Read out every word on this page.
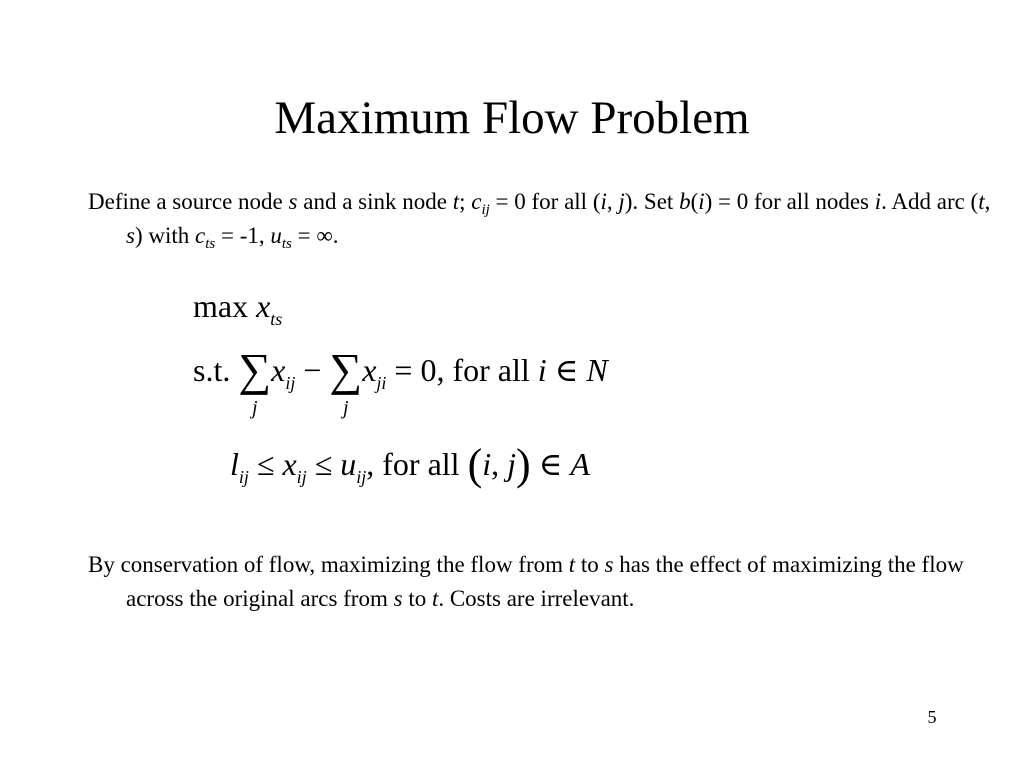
Maximum Flow Problem
Define a source node s and a sink node t; $c_{ij} = 0$ for all (i, j). Set b(i) = 0 for all nodes i. Add arc (t, s) with $c_{ts} = -1$, $u_{ts}$ = ∞.
$\max x_{ts}$
s.t. ∑
j
$x_{ij}$ − ∑
j
$x_{ji} = 0$, for all i ∈ N
$l_{ij} \le x_{ij} \le u_{ij}$, for all (i, j) ∈ A
By conservation of flow, maximizing the flow from t to s has the effect of maximizing the flow across the original arcs from s to t. Costs are irrelevant.
5
